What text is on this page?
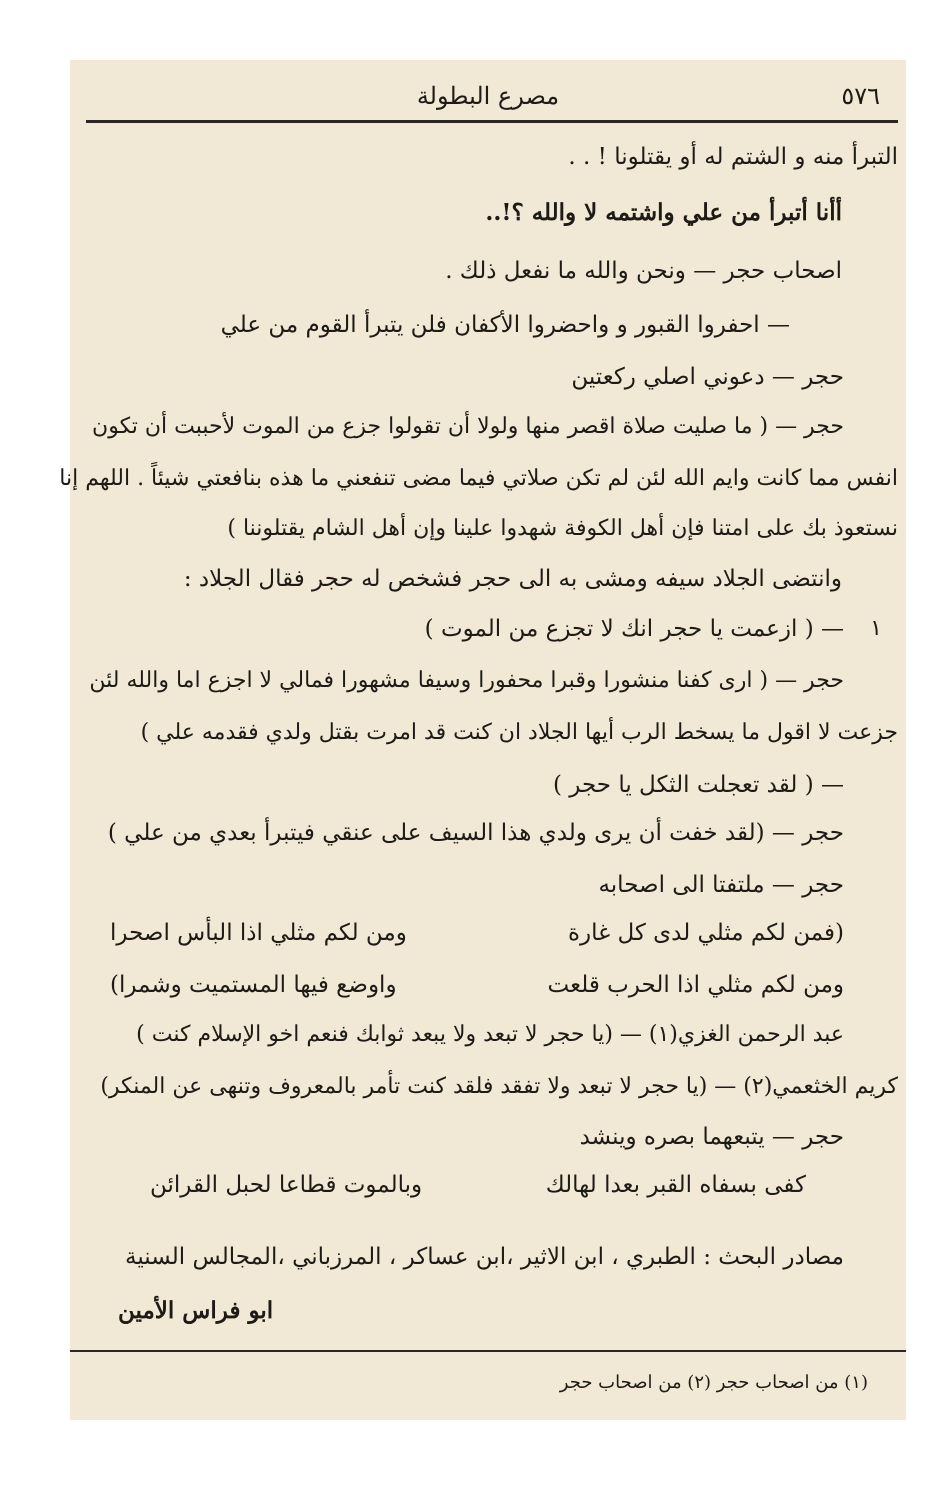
٥٧٦
مصرع البطولة
التبرأ منه و الشتم له أو يقتلونا ! . .
أأنا أتبرأ من علي واشتمه لا والله ؟!..
اصحاب حجر — ونحن والله ما نفعل ذلك .
— احفروا القبور و واحضروا الأكفان فلن يتبرأ القوم من علي
حجر — دعوني اصلي ركعتين
حجر — ( ما صليت صلاة اقصر منها ولولا أن تقولوا جزع من الموت لأحببت أن تكون
انفس مما كانت وايم الله لئن لم تكن صلاتي فيما مضى تنفعني ما هذه بنافعتي شيئاً . اللهم إنا
نستعوذ بك على امتنا فإن أهل الكوفة شهدوا علينا وإن أهل الشام يقتلوننا )
وانتضى الجلاد سيفه ومشى به الى حجر فشخص له حجر فقال الجلاد :
١
— ( ازعمت يا حجر انك لا تجزع من الموت )
حجر — ( ارى كفنا منشورا وقبرا محفورا وسيفا مشهورا فمالي لا اجزع اما والله لئن
جزعت لا اقول ما يسخط الرب أيها الجلاد ان كنت قد امرت بقتل ولدي فقدمه علي )
— ( لقد تعجلت الثكل يا حجر )
حجر — (لقد خفت أن يرى ولدي هذا السيف على عنقي فيتبرأ بعدي من علي )
حجر — ملتفتا الى اصحابه
(فمن لكم مثلي لدى كل غارة
ومن لكم مثلي اذا البأس اصحرا
ومن لكم مثلي اذا الحرب قلعت
واوضع فيها المستميت وشمرا)
عبد الرحمن الغزي(١) — (يا حجر لا تبعد ولا يبعد ثوابك فنعم اخو الإسلام كنت )
كريم الخثعمي(٢) — (يا حجر لا تبعد ولا تفقد فلقد كنت تأمر بالمعروف وتنهى عن المنكر)
حجر — يتبعهما بصره وينشد
كفى بسفاه القبر بعدا لهالك
وبالموت قطاعا لحبل القرائن
مصادر البحث : الطبري ، ابن الاثير ،ابن عساكر ، المرزباني ،المجالس السنية
ابو فراس الأمين
(١) من اصحاب حجر (٢) من اصحاب حجر
